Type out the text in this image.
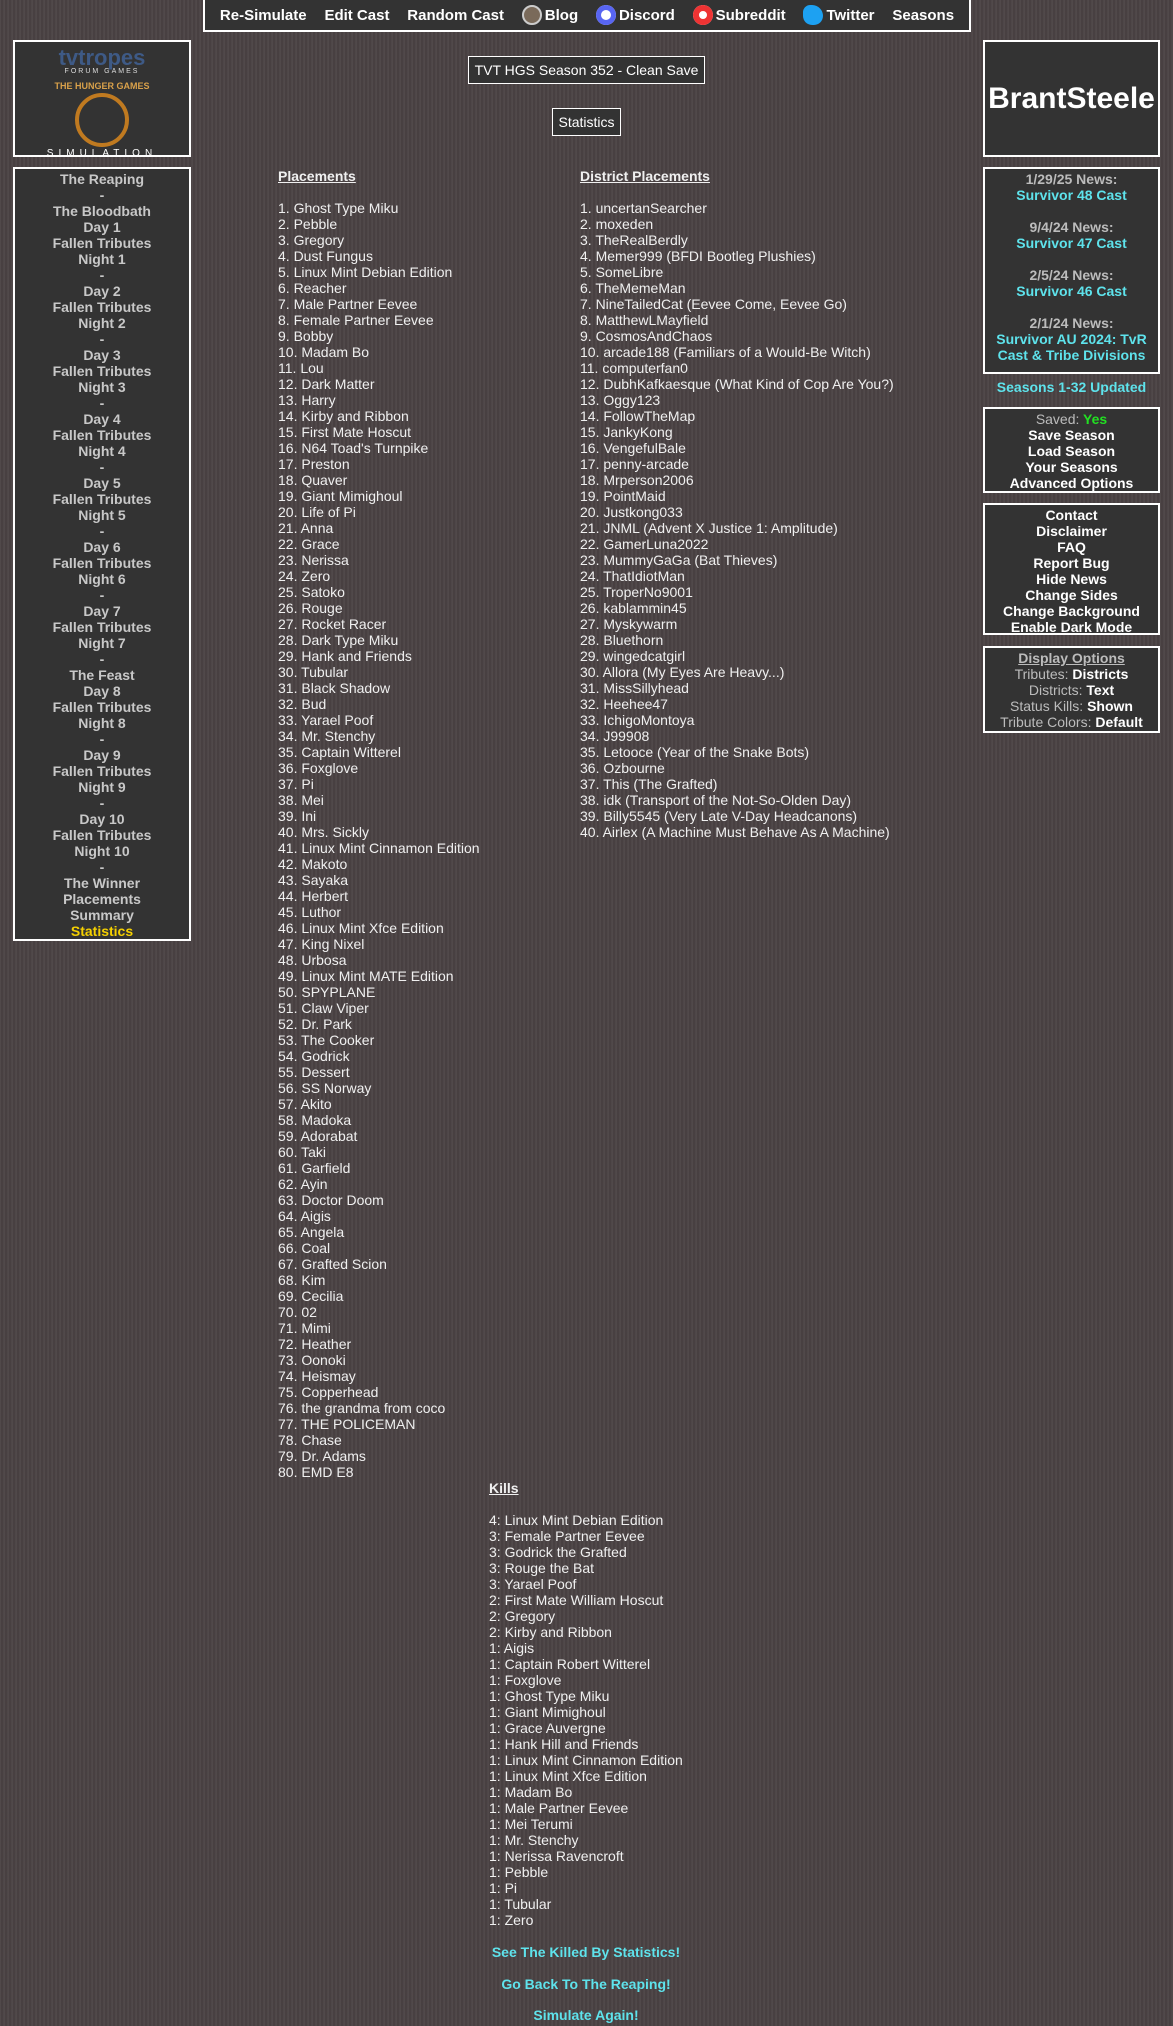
Re-Simulate Edit Cast Random Cast	Blog	Discord	Subreddit	Twitter Seasons
tvtropes
FORUM GAMES
THE HUNGER GAMES
SIMULATION
BrantSteele
The Reaping
-
The Bloodbath
Day 1
Fallen Tributes
Night 1
-
Day 2
Fallen Tributes
Night 2
-
Day 3
Fallen Tributes
Night 3
-
Day 4
Fallen Tributes
Night 4
-
Day 5
Fallen Tributes
Night 5
-
Day 6
Fallen Tributes
Night 6
-
Day 7
Fallen Tributes
Night 7
-
The Feast
Day 8
Fallen Tributes
Night 8
-
Day 9
Fallen Tributes
Night 9
-
Day 10
Fallen Tributes
Night 10
-
The Winner
Placements
Summary
Statistics
1/29/25 News:
Survivor 48 Cast

9/4/24 News:
Survivor 47 Cast

2/5/24 News:
Survivor 46 Cast

2/1/24 News:
Survivor AU 2024: TvR Cast & Tribe Divisions

Seasons 1-32 Updated
Saved: Yes
Save Season
Load Season
Your Seasons
Advanced Options
Contact
Disclaimer
FAQ
Report Bug
Hide News
Change Sides
Change Background
Enable Dark Mode
Display Options
Tributes: Districts
Districts: Text
Status Kills: Shown
Tribute Colors: Default
TVT HGS Season 352 - Clean Save
Statistics
Placements
1. Ghost Type Miku
2. Pebble
3. Gregory
4. Dust Fungus
5. Linux Mint Debian Edition
6. Reacher
7. Male Partner Eevee
8. Female Partner Eevee
9. Bobby
10. Madam Bo
11. Lou
12. Dark Matter
13. Harry
14. Kirby and Ribbon
15. First Mate Hoscut
16. N64 Toad's Turnpike
17. Preston
18. Quaver
19. Giant Mimighoul
20. Life of Pi
21. Anna
22. Grace
23. Nerissa
24. Zero
25. Satoko
26. Rouge
27. Rocket Racer
28. Dark Type Miku
29. Hank and Friends
30. Tubular
31. Black Shadow
32. Bud
33. Yarael Poof
34. Mr. Stenchy
35. Captain Witterel
36. Foxglove
37. Pi
38. Mei
39. Ini
40. Mrs. Sickly
41. Linux Mint Cinnamon Edition
42. Makoto
43. Sayaka
44. Herbert
45. Luthor
46. Linux Mint Xfce Edition
47. King Nixel
48. Urbosa
49. Linux Mint MATE Edition
50. SPYPLANE
51. Claw Viper
52. Dr. Park
53. The Cooker
54. Godrick
55. Dessert
56. SS Norway
57. Akito
58. Madoka
59. Adorabat
60. Taki
61. Garfield
62. Ayin
63. Doctor Doom
64. Aigis
65. Angela
66. Coal
67. Grafted Scion
68. Kim
69. Cecilia
70. 02
71. Mimi
72. Heather
73. Oonoki
74. Heismay
75. Copperhead
76. the grandma from coco
77. THE POLICEMAN
78. Chase
79. Dr. Adams
80. EMD E8
District Placements
1. uncertanSearcher
2. moxeden
3. TheRealBerdly
4. Memer999 (BFDI Bootleg Plushies)
5. SomeLibre
6. TheMemeMan
7. NineTailedCat (Eevee Come, Eevee Go)
8. MatthewLMayfield
9. CosmosAndChaos
10. arcade188 (Familiars of a Would-Be Witch)
11. computerfan0
12. DubhKafkaesque (What Kind of Cop Are You?)
13. Oggy123
14. FollowTheMap
15. JankyKong
16. VengefulBale
17. penny-arcade
18. Mrperson2006
19. PointMaid
20. Justkong033
21. JNML (Advent X Justice 1: Amplitude)
22. GamerLuna2022
23. MummyGaGa (Bat Thieves)
24. ThatIdiotMan
25. TroperNo9001
26. kablammin45
27. Myskywarm
28. Bluethorn
29. wingedcatgirl
30. Allora (My Eyes Are Heavy...)
31. MissSillyhead
32. Heehee47
33. IchigoMontoya
34. J99908
35. Letooce (Year of the Snake Bots)
36. Ozbourne
37. This (The Grafted)
38. idk (Transport of the Not-So-Olden Day)
39. Billy5545 (Very Late V-Day Headcanons)
40. Airlex (A Machine Must Behave As A Machine)
Kills
4: Linux Mint Debian Edition
3: Female Partner Eevee
3: Godrick the Grafted
3: Rouge the Bat
3: Yarael Poof
2: First Mate William Hoscut
2: Gregory
2: Kirby and Ribbon
1: Aigis
1: Captain Robert Witterel
1: Foxglove
1: Ghost Type Miku
1: Giant Mimighoul
1: Grace Auvergne
1: Hank Hill and Friends
1: Linux Mint Cinnamon Edition
1: Linux Mint Xfce Edition
1: Madam Bo
1: Male Partner Eevee
1: Mei Terumi
1: Mr. Stenchy
1: Nerissa Ravencroft
1: Pebble
1: Pi
1: Tubular
1: Zero
See The Killed By Statistics!
Go Back To The Reaping!
Simulate Again!
